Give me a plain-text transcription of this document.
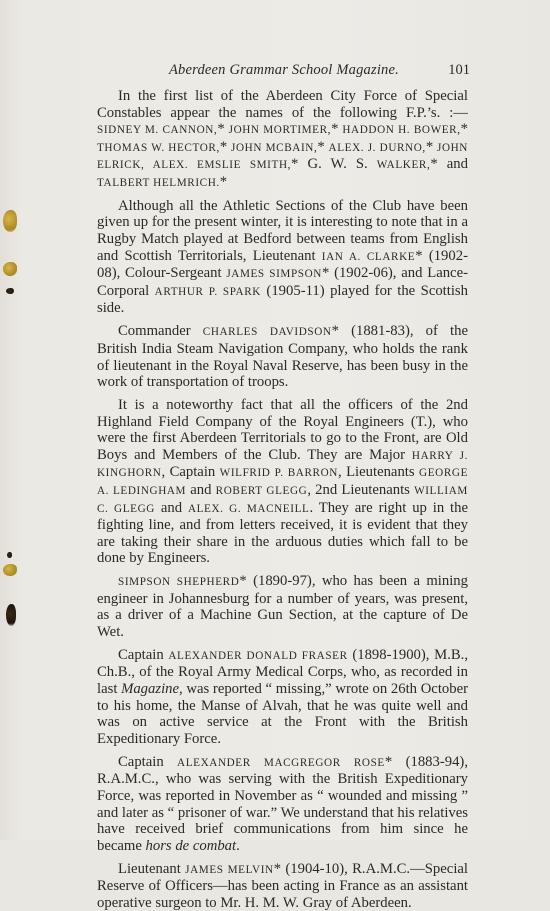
Aberdeen Grammar School Magazine.	101

In the first list of the Aberdeen City Force of Special Constables appear the names of the following F.P.’s. :— SIDNEY M. CANNON,* JOHN MORTIMER,* HADDON H. BOWER,* THOMAS W. HECTOR,* JOHN MCBAIN,* ALEX. J. DURNO,* JOHN ELRICK, ALEX. EMSLIE SMITH,* G. W. S. WALKER,* and TALBERT HELMRICH.*

Although all the Athletic Sections of the Club have been given up for the present winter, it is interesting to note that in a Rugby Match played at Bedford between teams from English and Scottish Territorials, Lieutenant IAN A. CLARKE* (1902-08), Colour-Sergeant JAMES SIMPSON* (1902-06), and Lance-Corporal ARTHUR P. SPARK (1905-11) played for the Scottish side.

Commander CHARLES DAVIDSON* (1881-83), of the British India Steam Navigation Company, who holds the rank of lieutenant in the Royal Naval Reserve, has been busy in the work of transportation of troops.

It is a noteworthy fact that all the officers of the 2nd Highland Field Company of the Royal Engineers (T.), who were the first Aberdeen Territorials to go to the Front, are Old Boys and Members of the Club. They are Major HARRY J. KINGHORN, Captain WILFRID P. BARRON, Lieutenants GEORGE A. LEDINGHAM and ROBERT GLEGG, 2nd Lieutenants WILLIAM C. GLEGG and ALEX. G. MACNEILL. They are right up in the fighting line, and from letters received, it is evident that they are taking their share in the arduous duties which fall to be done by Engineers.

SIMPSON SHEPHERD* (1890-97), who has been a mining engineer in Johannesburg for a number of years, was present, as a driver of a Machine Gun Section, at the capture of De Wet.

Captain ALEXANDER DONALD FRASER (1898-1900), M.B., Ch.B., of the Royal Army Medical Corps, who, as recorded in last Magazine, was reported “ missing,” wrote on 26th October to his home, the Manse of Alvah, that he was quite well and was on active service at the Front with the British Expeditionary Force.

Captain ALEXANDER MACGREGOR ROSE* (1883-94), R.A.M.C., who was serving with the British Expeditionary Force, was reported in November as “ wounded and missing ” and later as “ prisoner of war.” We understand that his relatives have received brief communications from him since he became hors de combat.

Lieutenant JAMES MELVIN* (1904-10), R.A.M.C.—Special Reserve of Officers—has been acting in France as an assistant operative surgeon to Mr. H. M. W. Gray of Aberdeen.
